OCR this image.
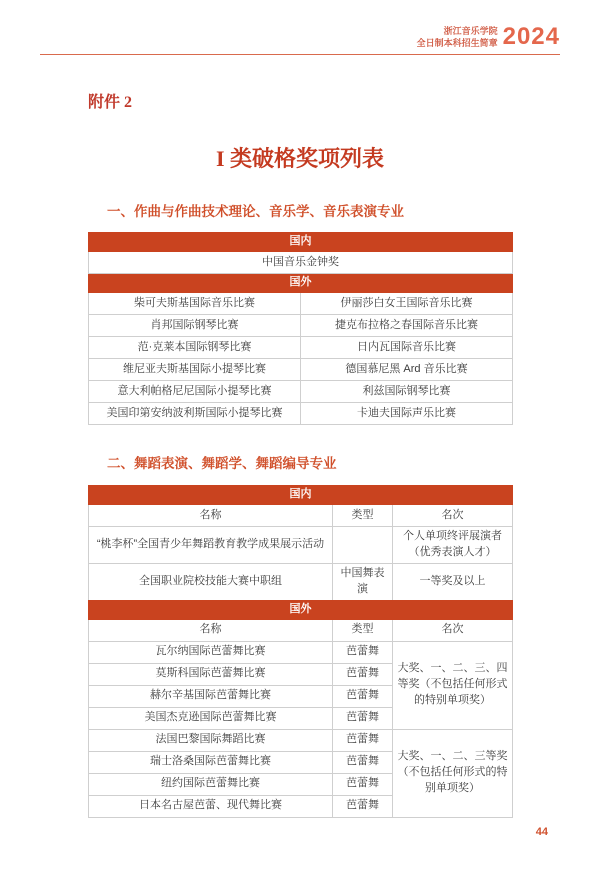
浙江音乐学院
全日制本科招生简章 2024
附件 2
I 类破格奖项列表
一、作曲与作曲技术理论、音乐学、音乐表演专业
国内	
中国音乐金钟奖	
国外	
柴可夫斯基国际音乐比赛	伊丽莎白女王国际音乐比赛
肖邦国际钢琴比赛	捷克布拉格之春国际音乐比赛
范·克莱本国际钢琴比赛	日内瓦国际音乐比赛
维尼亚夫斯基国际小提琴比赛	德国慕尼黑 Ard 音乐比赛
意大利帕格尼尼国际小提琴比赛	利兹国际钢琴比赛
美国印第安纳波利斯国际小提琴比赛	卡迪夫国际声乐比赛
二、舞蹈表演、舞蹈学、舞蹈编导专业
国内		
名称	类型	名次
“桃李杯”全国青少年舞蹈教育教学成果展示活动		个人单项终评展演者（优秀表演人才）
全国职业院校技能大赛中职组	中国舞表演	一等奖及以上
国外		
名称	类型	名次
瓦尔纳国际芭蕾舞比赛	芭蕾舞	大奖、一、二、三、四等奖（不包括任何形式的特别单项奖）
莫斯科国际芭蕾舞比赛	芭蕾舞	
赫尔辛基国际芭蕾舞比赛	芭蕾舞	
美国杰克逊国际芭蕾舞比赛	芭蕾舞	
法国巴黎国际舞蹈比赛	芭蕾舞	大奖、一、二、三等奖（不包括任何形式的特别单项奖）
瑞士洛桑国际芭蕾舞比赛	芭蕾舞	
纽约国际芭蕾舞比赛	芭蕾舞	
日本名古屋芭蕾、现代舞比赛	芭蕾舞	
44
